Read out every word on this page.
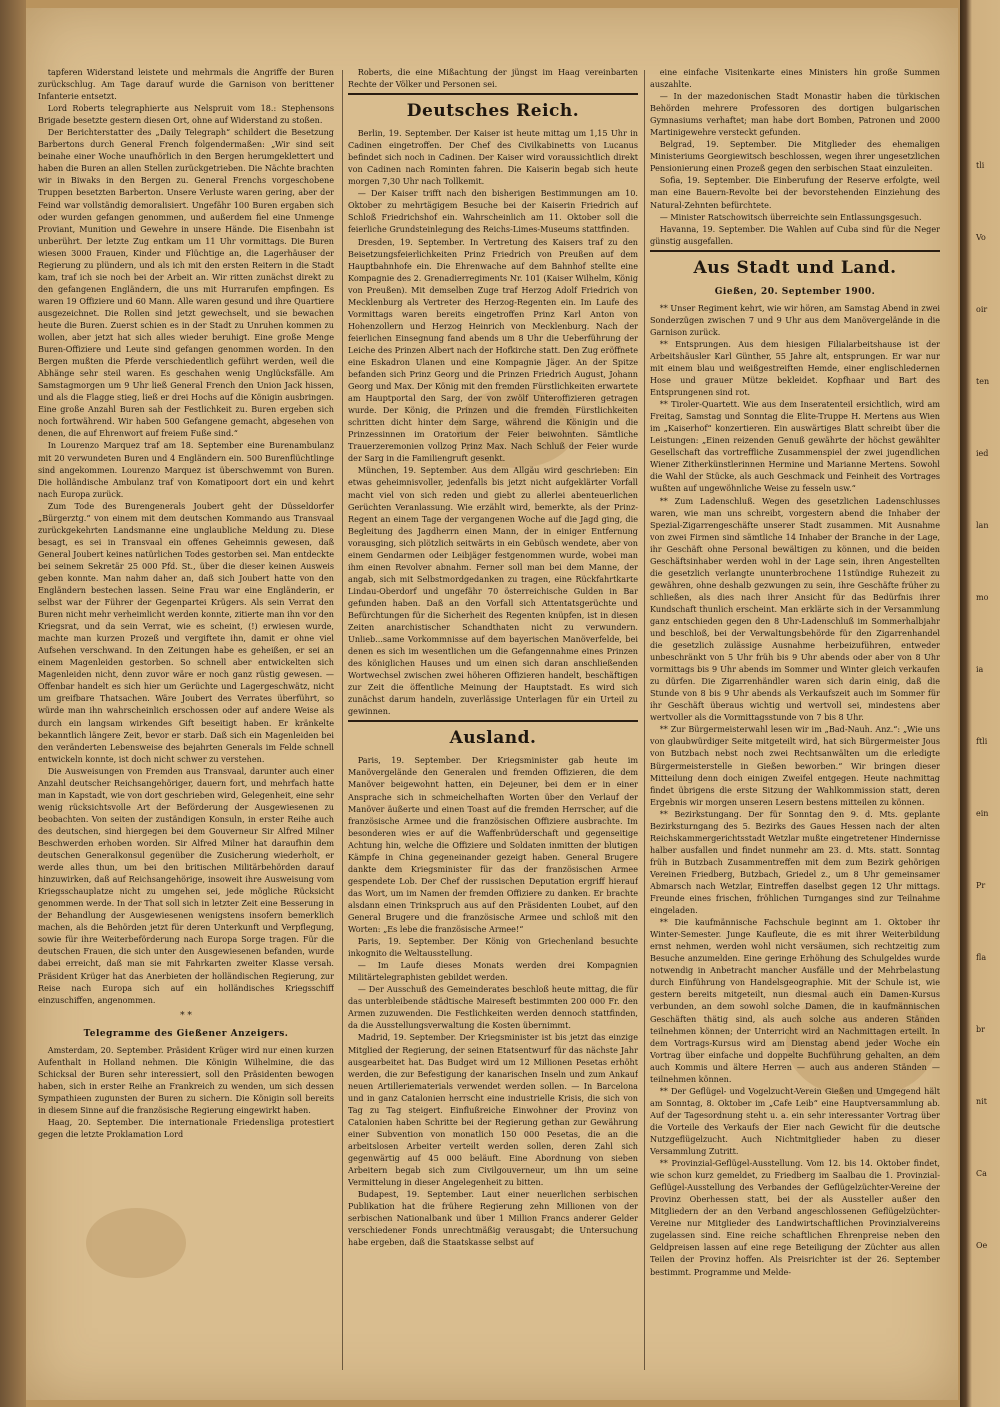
tapferen Widerstand leistete und mehrmals die Angriffe der Buren zurückschlug. Am Tage darauf wurde die Garnison von berittener Infanterie entsetzt.

Lord Roberts telegraphierte aus Nelspruit vom 18.: Stephensons Brigade besetzte gestern diesen Ort, ohne auf Widerstand zu stoßen.

Der Berichterstatter des „Daily Telegraph“ schildert die Besetzung Barbertons durch General French folgendermaßen: „Wir sind seit beinahe einer Woche unaufhörlich in den Bergen herumgeklettert und haben die Buren an allen Stellen zurückgetrieben. Die Nächte brachten wir in Biwaks in den Bergen zu. General Frenchs vorgeschobene Truppen besetzten Barberton. Unsere Verluste waren gering, aber der Feind war vollständig demoralisiert. Ungefähr 100 Buren ergaben sich oder wurden gefangen genommen, und außerdem fiel eine Unmenge Proviant, Munition und Gewehre in unsere Hände. Die Eisenbahn ist unberührt. Der letzte Zug entkam um 11 Uhr vormittags. Die Buren wiesen 3000 Frauen, Kinder und Flüchtige an, die Lagerhäuser der Regierung zu plündern, und als ich mit den ersten Reitern in die Stadt kam, traf ich sie noch bei der Arbeit an. Wir ritten zunächst direkt zu den gefangenen Engländern, die uns mit Hurrarufen empfingen. Es waren 19 Offiziere und 60 Mann. Alle waren gesund und ihre Quartiere ausgezeichnet. Die Rollen sind jetzt gewechselt, und sie bewachen heute die Buren. Zuerst schien es in der Stadt zu Unruhen kommen zu wollen, aber jetzt hat sich alles wieder beruhigt. Eine große Menge Buren-Offiziere und Leute sind gefangen genommen worden. In den Bergen mußten die Pferde verschiedentlich geführt werden, weil die Abhänge sehr steil waren. Es geschahen wenig Unglücksfälle. Am Samstagmorgen um 9 Uhr ließ General French den Union Jack hissen, und als die Flagge stieg, ließ er drei Hochs auf die Königin ausbringen. Eine große Anzahl Buren sah der Festlichkeit zu. Buren ergeben sich noch fortwährend. Wir haben 500 Gefangene gemacht, abgesehen von denen, die auf Ehrenwort auf freiem Fuße sind.“

In Lourenzo Marquez traf am 18. September eine Burenambulanz mit 20 verwundeten Buren und 4 Engländern ein. 500 Burenflüchtlinge sind angekommen. Lourenzo Marquez ist überschwemmt von Buren. Die holländische Ambulanz traf von Komatipoort dort ein und kehrt nach Europa zurück.

Zum Tode des Burengenerals Joubert geht der Düsseldorfer „Bürgerztg.“ von einem mit dem deutschen Kommando aus Transvaal zurückgekehrten Landsmanne eine unglaubliche Meldung zu. Diese besagt, es sei in Transvaal ein offenes Geheimnis gewesen, daß General Joubert keines natürlichen Todes gestorben sei. Man entdeckte bei seinem Sekretär 25 000 Pfd. St., über die dieser keinen Ausweis geben konnte. Man nahm daher an, daß sich Joubert hatte von den Engländern bestechen lassen. Seine Frau war eine Engländerin, er selbst war der Führer der Gegenpartei Krügers. Als sein Verrat den Buren nicht mehr verheimlicht werden konnte, zitierte man ihn vor den Kriegsrat, und da sein Verrat, wie es scheint, (!) erwiesen wurde, machte man kurzen Prozeß und vergiftete ihn, damit er ohne viel Aufsehen verschwand. In den Zeitungen habe es geheißen, er sei an einem Magenleiden gestorben. So schnell aber entwickelten sich Magenleiden nicht, denn zuvor wäre er noch ganz rüstig gewesen. — Offenbar handelt es sich hier um Gerüchte und Lagergeschwätz, nicht um greifbare Thatsachen. Wäre Joubert des Verrates überführt, so würde man ihn wahrscheinlich erschossen oder auf andere Weise als durch ein langsam wirkendes Gift beseitigt haben. Er kränkelte bekanntlich längere Zeit, bevor er starb. Daß sich ein Magenleiden bei den veränderten Lebensweise des bejahrten Generals im Felde schnell entwickeln konnte, ist doch nicht schwer zu verstehen.

Die Ausweisungen von Fremden aus Transvaal, darunter auch einer Anzahl deutscher Reichsangehöriger, dauern fort, und mehrfach hatte man in Kapstadt, wie von dort geschrieben wird, Gelegenheit, eine sehr wenig rücksichtsvolle Art der Beförderung der Ausgewiesenen zu beobachten. Von seiten der zuständigen Konsuln, in erster Reihe auch des deutschen, sind hiergegen bei dem Gouverneur Sir Alfred Milner Beschwerden erhoben worden. Sir Alfred Milner hat daraufhin dem deutschen Generalkonsul gegenüber die Zusicherung wiederholt, er werde alles thun, um bei den britischen Militärbehörden darauf hinzuwirken, daß auf Reichsangehörige, insoweit ihre Ausweisung vom Kriegsschauplatze nicht zu umgehen sei, jede mögliche Rücksicht genommen werde. In der That soll sich in letzter Zeit eine Besserung in der Behandlung der Ausgewiesenen wenigstens insofern bemerklich machen, als die Behörden jetzt für deren Unterkunft und Verpflegung, sowie für ihre Weiterbeförderung nach Europa Sorge tragen. Für die deutschen Frauen, die sich unter den Ausgewiesenen befanden, wurde dabei erreicht, daß man sie mit Fahrkarten zweiter Klasse versah. Präsident Krüger hat das Anerbieten der holländischen Regierung, zur Reise nach Europa sich auf ein holländisches Kriegsschiff einzuschiffen, angenommen.

* *
Telegramme des Gießener Anzeigers.

Amsterdam, 20. September. Präsident Krüger wird nur einen kurzen Aufenthalt in Holland nehmen. Die Königin Wilhelmine, die das Schicksal der Buren sehr interessiert, soll den Präsidenten bewogen haben, sich in erster Reihe an Frankreich zu wenden, um sich dessen Sympathieen zugunsten der Buren zu sichern. Die Königin soll bereits in diesem Sinne auf die französische Regierung eingewirkt haben.

Haag, 20. September. Die internationale Friedensliga protestiert gegen die letzte Proklamation Lord

Roberts, die eine Mißachtung der jüngst im Haag vereinbarten Rechte der Völker und Personen sei.

Deutsches Reich.

Berlin, 19. September. Der Kaiser ist heute mittag um 1,15 Uhr in Cadinen eingetroffen. Der Chef des Civilkabinetts von Lucanus befindet sich noch in Cadinen. Der Kaiser wird voraussichtlich direkt von Cadinen nach Rominten fahren. Die Kaiserin begab sich heute morgen 7,30 Uhr nach Tollkemit.

— Der Kaiser trifft nach den bisherigen Bestimmungen am 10. Oktober zu mehrtägigem Besuche bei der Kaiserin Friedrich auf Schloß Friedrichshof ein. Wahrscheinlich am 11. Oktober soll die feierliche Grundsteinlegung des Reichs-Limes-Museums stattfinden.

Dresden, 19. September. In Vertretung des Kaisers traf zu den Beisetzungsfeierlichkeiten Prinz Friedrich von Preußen auf dem Hauptbahnhofe ein. Die Ehrenwache auf dem Bahnhof stellte eine Kompagnie des 2. Grenadierregiments Nr. 101 (Kaiser Wilhelm, König von Preußen). Mit demselben Zuge traf Herzog Adolf Friedrich von Mecklenburg als Vertreter des Herzog-Regenten ein. Im Laufe des Vormittags waren bereits eingetroffen Prinz Karl Anton von Hohenzollern und Herzog Heinrich von Mecklenburg. Nach der feierlichen Einsegnung fand abends um 8 Uhr die Ueberführung der Leiche des Prinzen Albert nach der Hofkirche statt. Den Zug eröffnete eine Eskadron Ulanen und eine Kompagnie Jäger. An der Spitze befanden sich Prinz Georg und die Prinzen Friedrich August, Johann Georg und Max. Der König mit den fremden Fürstlichkeiten erwartete am Hauptportal den Sarg, der von zwölf Unteroffizieren getragen wurde. Der König, die Prinzen und die fremden Fürstlichkeiten schritten dicht hinter dem Sarge, während die Königin und die Prinzessinnen im Oratorium der Feier beiwohnten. Sämtliche Trauerzeremonien vollzog Prinz Max. Nach Schluß der Feier wurde der Sarg in die Familiengruft gesenkt.

München, 19. September. Aus dem Allgäu wird geschrieben: Ein etwas geheimnisvoller, jedenfalls bis jetzt nicht aufgeklärter Vorfall macht viel von sich reden und giebt zu allerlei abenteuerlichen Gerüchten Veranlassung. Wie erzählt wird, bemerkte, als der Prinz-Regent an einem Tage der vergangenen Woche auf die Jagd ging, die Begleitung des Jagdherrn einen Mann, der in einiger Entfernung vorausging, sich plötzlich seitwärts in ein Gebüsch wendete, aber von einem Gendarmen oder Leibjäger festgenommen wurde, wobei man ihm einen Revolver abnahm. Ferner soll man bei dem Manne, der angab, sich mit Selbstmordgedanken zu tragen, eine Rückfahrtkarte Lindau-Oberdorf und ungefähr 70 österreichische Gulden in Bar gefunden haben. Daß an den Vorfall sich Attentatsgerüchte und Befürchtungen für die Sicherheit des Regenten knüpfen, ist in diesen Zeiten anarchistischer Schandthaten nicht zu verwundern. Unlieb...same Vorkommnisse auf dem bayerischen Manöverfelde, bei denen es sich im wesentlichen um die Gefangennahme eines Prinzen des königlichen Hauses und um einen sich daran anschließenden Wortwechsel zwischen zwei höheren Offizieren handelt, beschäftigen zur Zeit die öffentliche Meinung der Hauptstadt. Es wird sich zunächst darum handeln, zuverlässige Unterlagen für ein Urteil zu gewinnen.

Ausland.

Paris, 19. September. Der Kriegsminister gab heute im Manövergelände den Generalen und fremden Offizieren, die dem Manöver beigewohnt hatten, ein Dejeuner, bei dem er in einer Ansprache sich in schmeichelhaften Worten über den Verlauf der Manöver äußerte und einen Toast auf die fremden Herrscher, auf die französische Armee und die französischen Offiziere ausbrachte. Im besonderen wies er auf die Waffenbrüderschaft und gegenseitige Achtung hin, welche die Offiziere und Soldaten inmitten der blutigen Kämpfe in China gegeneinander gezeigt haben. General Brugere dankte dem Kriegsminister für das der französischen Armee gespendete Lob. Der Chef der russischen Deputation ergriff hierauf das Wort, um im Namen der fremden Offiziere zu danken. Er brachte alsdann einen Trinkspruch aus auf den Präsidenten Loubet, auf den General Brugere und die französische Armee und schloß mit den Worten: „Es lebe die französische Armee!“

Paris, 19. September. Der König von Griechenland besuchte inkognito die Weltausstellung.

— Im Laufe dieses Monats werden drei Kompagnien Militärtelegraphisten gebildet werden.

— Der Ausschuß des Gemeinderates beschloß heute mittag, die für das unterbleibende städtische Maireseft bestimmten 200 000 Fr. den Armen zuzuwenden. Die Festlichkeiten werden dennoch stattfinden, da die Ausstellungsverwaltung die Kosten übernimmt.

Madrid, 19. September. Der Kriegsminister ist bis jetzt das einzige Mitglied der Regierung, der seinen Etatsentwurf für das nächste Jahr ausgearbeitet hat. Das Budget wird um 12 Millionen Pesetas erhöht werden, die zur Befestigung der kanarischen Inseln und zum Ankauf neuen Artilleriematerials verwendet werden sollen. — In Barcelona und in ganz Catalonien herrscht eine industrielle Krisis, die sich von Tag zu Tag steigert. Einflußreiche Einwohner der Provinz von Catalonien haben Schritte bei der Regierung gethan zur Gewährung einer Subvention von monatlich 150 000 Pesetas, die an die arbeitslosen Arbeiter verteilt werden sollen, deren Zahl sich gegenwärtig auf 45 000 beläuft. Eine Abordnung von sieben Arbeitern begab sich zum Civilgouverneur, um ihn um seine Vermittelung in dieser Angelegenheit zu bitten.

Budapest, 19. September. Laut einer neuerlichen serbischen Publikation hat die frühere Regierung zehn Millionen von der serbischen Nationalbank und über 1 Million Francs anderer Gelder verschiedener Fonds unrechtmäßig verausgabt; die Untersuchung habe ergeben, daß die Staatskasse selbst auf

eine einfache Visitenkarte eines Ministers hin große Summen auszahlte.

— In der mazedonischen Stadt Monastir haben die türkischen Behörden mehrere Professoren des dortigen bulgarischen Gymnasiums verhaftet; man habe dort Bomben, Patronen und 2000 Martinigewehre versteckt gefunden.

Belgrad, 19. September. Die Mitglieder des ehemaligen Ministeriums Georgiewitsch beschlossen, wegen ihrer ungesetzlichen Pensionierung einen Prozeß gegen den serbischen Staat einzuleiten.

Sofia, 19. September. Die Einberufung der Reserve erfolgte, weil man eine Bauern-Revolte bei der bevorstehenden Einziehung des Natural-Zehnten befürchtete.

— Minister Ratschowitsch überreichte sein Entlassungsgesuch.

Havanna, 19. September. Die Wahlen auf Cuba sind für die Neger günstig ausgefallen.

Aus Stadt und Land.
Gießen, 20. September 1900.

** Unser Regiment kehrt, wie wir hören, am Samstag Abend in zwei Sonderzügen zwischen 7 und 9 Uhr aus dem Manövergelände in die Garnison zurück.

** Entsprungen. Aus dem hiesigen Filialarbeitshause ist der Arbeitshäusler Karl Günther, 55 Jahre alt, entsprungen. Er war nur mit einem blau und weißgestreiften Hemde, einer englischledernen Hose und grauer Mütze bekleidet. Kopfhaar und Bart des Entsprungenen sind rot.

** Tiroler-Quartett. Wie aus dem Inseratenteil ersichtlich, wird am Freitag, Samstag und Sonntag die Elite-Truppe H. Mertens aus Wien im „Kaiserhof“ konzertieren. Ein auswärtiges Blatt schreibt über die Leistungen: „Einen reizenden Genuß gewährte der höchst gewählter Gesellschaft das vortreffliche Zusammenspiel der zwei jugendlichen Wiener Zitherkünstlerinnen Hermine und Marianne Mertens. Sowohl die Wahl der Stücke, als auch Geschmack und Feinheit des Vortrages wußten auf ungewöhnliche Weise zu fesseln usw.“

** Zum Ladenschluß. Wegen des gesetzlichen Ladenschlusses waren, wie man uns schreibt, vorgestern abend die Inhaber der Spezial-Zigarrengeschäfte unserer Stadt zusammen. Mit Ausnahme von zwei Firmen sind sämtliche 14 Inhaber der Branche in der Lage, ihr Geschäft ohne Personal bewältigen zu können, und die beiden Geschäftsinhaber werden wohl in der Lage sein, ihren Angestellten die gesetzlich verlangte ununterbrochene 11stündige Ruhezeit zu gewähren, ohne deshalb gezwungen zu sein, ihre Geschäfte früher zu schließen, als dies nach ihrer Ansicht für das Bedürfnis ihrer Kundschaft thunlich erscheint. Man erklärte sich in der Versammlung ganz entschieden gegen den 8 Uhr-Ladenschluß im Sommerhalbjahr und beschloß, bei der Verwaltungsbehörde für den Zigarrenhandel die gesetzlich zulässige Ausnahme herbeizuführen, entweder unbeschränkt von 5 Uhr früh bis 9 Uhr abends oder aber von 8 Uhr vormittags bis 9 Uhr abends im Sommer und Winter gleich verkaufen zu dürfen. Die Zigarrenhändler waren sich darin einig, daß die Stunde von 8 bis 9 Uhr abends als Verkaufszeit auch im Sommer für ihr Geschäft überaus wichtig und wertvoll sei, mindestens aber wertvoller als die Vormittagsstunde von 7 bis 8 Uhr.

** Zur Bürgermeisterwahl lesen wir im „Bad-Nauh. Anz.“: „Wie uns von glaubwürdiger Seite mitgeteilt wird, hat sich Bürgermeister Jous von Butzbach nebst noch zwei Rechtsanwälten um die erledigte Bürgermeisterstelle in Gießen beworben.“ Wir bringen dieser Mitteilung denn doch einigen Zweifel entgegen. Heute nachmittag findet übrigens die erste Sitzung der Wahlkommission statt, deren Ergebnis wir morgen unseren Lesern bestens mitteilen zu können.

** Bezirkstungang. Der für Sonntag den 9. d. Mts. geplante Bezirksturngang des 5. Bezirks des Gaues Hessen nach der alten Reichskammergerichtsstadt Wetzlar mußte eingetretener Hindernisse halber ausfallen und findet nunmehr am 23. d. Mts. statt. Sonntag früh in Butzbach Zusammentreffen mit dem zum Bezirk gehörigen Vereinen Friedberg, Butzbach, Griedel z., um 8 Uhr gemeinsamer Abmarsch nach Wetzlar, Eintreffen daselbst gegen 12 Uhr mittags. Freunde eines frischen, fröhlichen Turnganges sind zur Teilnahme eingeladen.

** Die kaufmännische Fachschule beginnt am 1. Oktober ihr Winter-Semester. Junge Kaufleute, die es mit ihrer Weiterbildung ernst nehmen, werden wohl nicht versäumen, sich rechtzeitig zum Besuche anzumelden. Eine geringe Erhöhung des Schulgeldes wurde notwendig in Anbetracht mancher Ausfälle und der Mehrbelastung durch Einführung von Handelsgeographie. Mit der Schule ist, wie gestern bereits mitgeteilt, nun diesmal auch ein Damen-Kursus verbunden, an dem sowohl solche Damen, die in kaufmännischen Geschäften thätig sind, als auch solche aus anderen Ständen teilnehmen können; der Unterricht wird an Nachmittagen erteilt. In dem Vortrags-Kursus wird am Dienstag abend jeder Woche ein Vortrag über einfache und doppelte Buchführung gehalten, an dem auch Kommis und ältere Herren — auch aus anderen Ständen — teilnehmen können.

** Der Geflügel- und Vogelzucht-Verein Gießen und Umgegend hält am Sonntag, 8. Oktober im „Cafe Leib“ eine Hauptversammlung ab. Auf der Tagesordnung steht u. a. ein sehr interessanter Vortrag über die Vorteile des Verkaufs der Eier nach Gewicht für die deutsche Nutzgeflügelzucht. Auch Nichtmitglieder haben zu dieser Versammlung Zutritt.

** Provinzial-Geflügel-Ausstellung. Vom 12. bis 14. Oktober findet, wie schon kurz gemeldet, zu Friedberg im Saalbau die 1. Provinzial-Geflügel-Ausstellung des Verbandes der Geflügelzüchter-Vereine der Provinz Oberhessen statt, bei der als Aussteller außer den Mitgliedern der an den Verband angeschlossenen Geflügelzüchter-Vereine nur Mitglieder des Landwirtschaftlichen Provinzialvereins zugelassen sind. Eine reiche schaftlichen Ehrenpreise neben den Geldpreisen lassen auf eine rege Beteiligung der Züchter aus allen Teilen der Provinz hoffen. Als Preisrichter ist der 26. September bestimmt. Programme und Melde-

tli
Vo
oir
ten
ied
lan
mo
ia
ftli
ein
Pr
fla
br
nit
Ca
Oe
